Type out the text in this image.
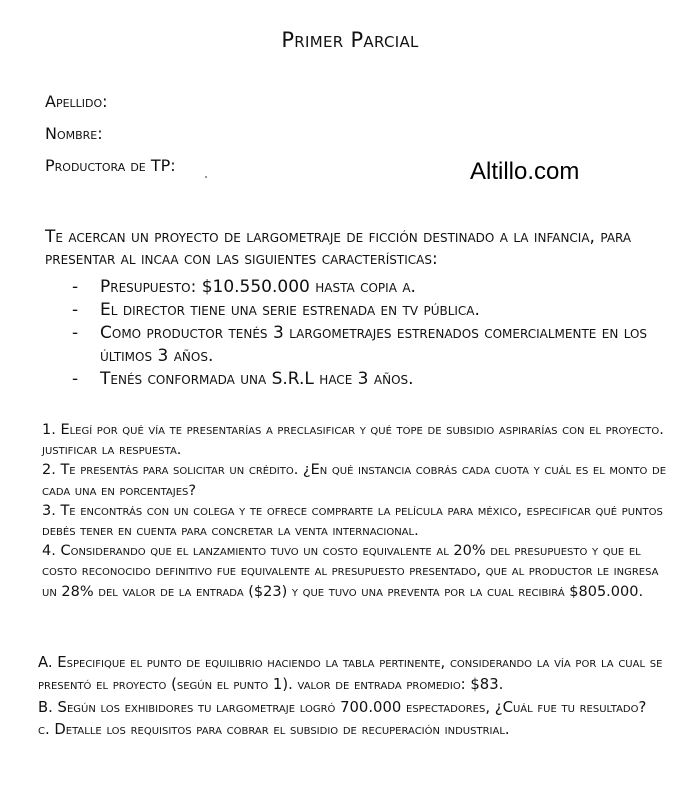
Primer Parcial
Apellido:
Nombre:
Productora de TP:	Altillo.com
Te acercan un proyecto de largometraje de ficción destinado a la infancia, para presentar al incaa con las siguientes características:
- Presupuesto: $10.550.000 hasta copia a.
- El director tiene una serie estrenada en tv pública.
- Como productor tenés 3 largometrajes estrenados comercialmente en los últimos 3 años.
- Tenés conformada una S.R.L hace 3 años.

1. Elegí por qué vía te presentarías a preclasificar y qué tope de subsidio aspirarías con el proyecto. justificar la respuesta.

2. Te presentás para solicitar un crédito. ¿En qué instancia cobrás cada cuota y cuál es el monto de cada una en porcentajes?

3. Te encontrás con un colega y te ofrece comprarte la película para méxico, especificar qué puntos debés tener en cuenta para concretar la venta internacional.

4. Considerando que el lanzamiento tuvo un costo equivalente al 20% del presupuesto y que el costo reconocido definitivo fue equivalente al presupuesto presentado, que al productor le ingresa un 28% del valor de la entrada ($23) y que tuvo una preventa por la cual recibirá $805.000.

A. Especifique el punto de equilibrio haciendo la tabla pertinente, considerando la vía por la cual se presentó el proyecto (según el punto 1). valor de entrada promedio: $83.

B. Según los exhibidores tu largometraje logró 700.000 espectadores, ¿Cuál fue tu resultado?

c. Detalle los requisitos para cobrar el subsidio de recuperación industrial.
